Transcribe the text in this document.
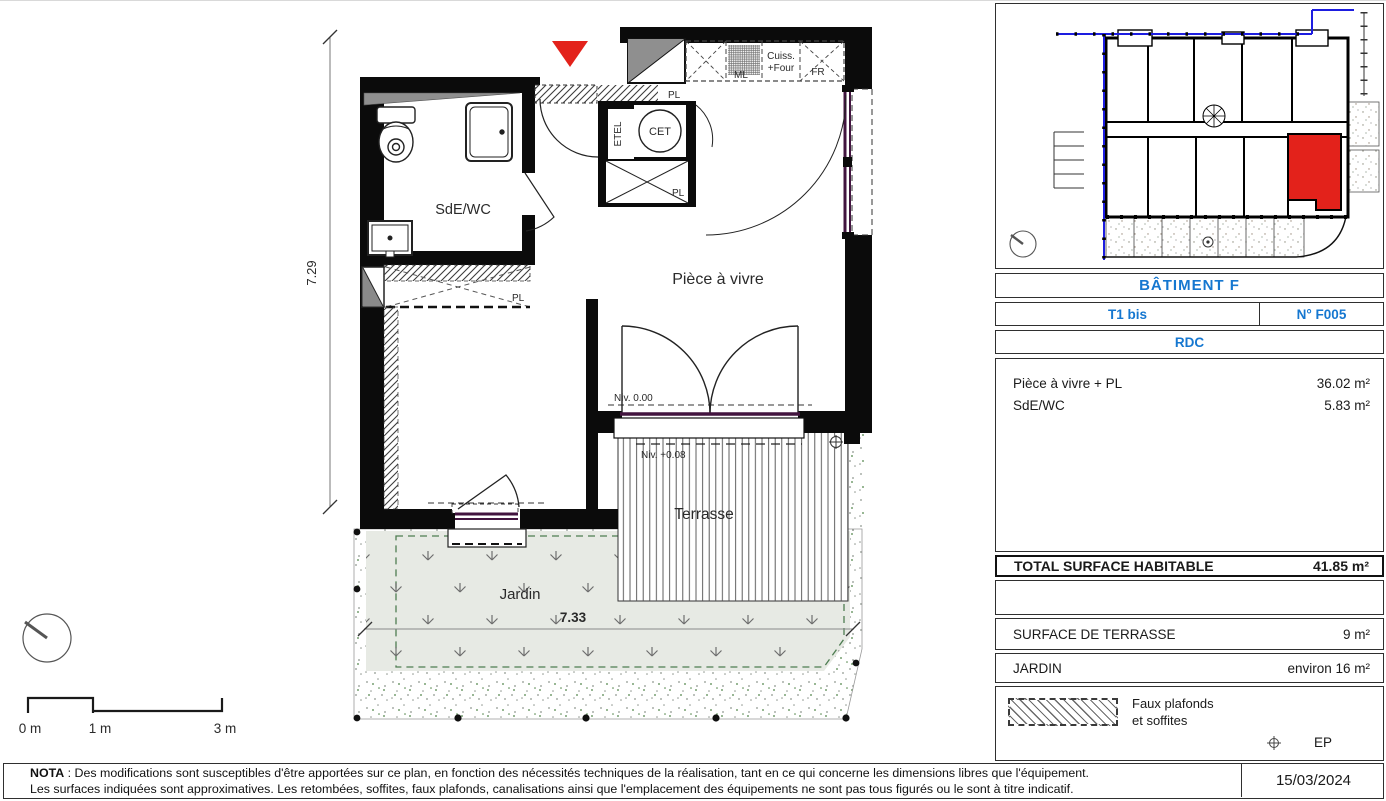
7.33
PL
CET
ETEL
PL
ML
Cuiss.
+Four FR
SdE/WC
PL
Pièce à vivre
Niv. 0.00
Niv. +0.08
Terrasse
Jardin
7.29
0 m	1 m	3 m
BÂTIMENT F
T1 bis	N° F005
RDC
Pièce à vivre + PL	36.02 m²
SdE/WC	5.83 m²
TOTAL SURFACE HABITABLE	41.85 m²
SURFACE DE TERRASSE	9 m²
JARDIN	environ 16 m²
Faux plafonds
et soffites
EP
NOTA : Des modifications sont susceptibles d'être apportées sur ce plan, en fonction des nécessités techniques de la réalisation, tant en ce qui concerne les dimensions libres que l'équipement.
Les surfaces indiquées sont approximatives. Les retombées, soffites, faux plafonds, canalisations ainsi que l'emplacement des équipements ne sont pas tous figurés ou le sont à titre indicatif.	15/03/2024
